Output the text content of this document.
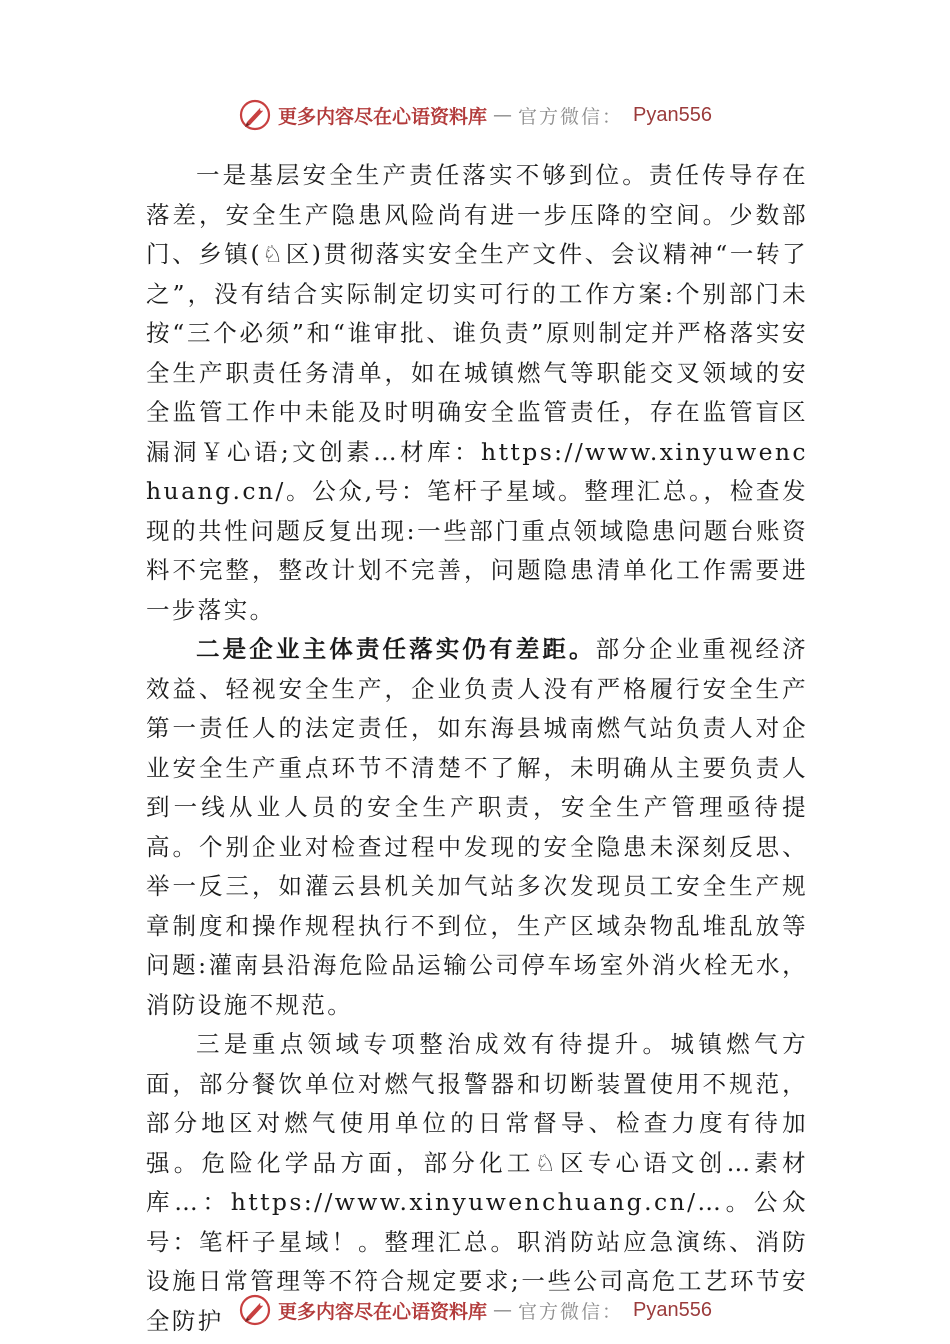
更多内容尽在心语资料库 — 官方微信： Pyan556

一是基层安全生产责任落实不够到位。责任传导存在落差，安全生产隐患风险尚有进一步压降的空间。少数部门、乡镇(♘区)贯彻落实安全生产文件、会议精神“一转了之”，没有结合实际制定切实可行的工作方案:个别部门未按“三个必须”和“谁审批、谁负责”原则制定并严格落实安全生产职责任务清单，如在城镇燃气等职能交叉领域的安全监管工作中未能及时明确安全监管责任，存在监管盲区漏洞￥心语;文创素…材库：https://www.xinyuwenchuang.cn/。公众,号：笔杆子星域。整理汇总。，检查发现的共性问题反复出现:一些部门重点领域隐患问题台账资料不完整，整改计划不完善，问题隐患清单化工作需要进一步落实。

二是企业主体责任落实仍有差距。部分企业重视经济效益、轻视安全生产，企业负责人没有严格履行安全生产第一责任人的法定责任，如东海县城南燃气站负责人对企业安全生产重点环节不清楚不了解，未明确从主要负责人到一线从业人员的安全生产职责，安全生产管理亟待提高。个别企业对检查过程中发现的安全隐患未深刻反思、举一反三，如灌云县机关加气站多次发现员工安全生产规章制度和操作规程执行不到位，生产区域杂物乱堆乱放等问题:灌南县沿海危险品运输公司停车场室外消火栓无水，消防设施不规范。

三是重点领域专项整治成效有待提升。城镇燃气方面，部分餐饮单位对燃气报警器和切断装置使用不规范，部分地区对燃气使用单位的日常督导、检查力度有待加强。危险化学品方面，部分化工♘区专心语文创…素材库…：https://www.xinyuwenchuang.cn/…。公众号：笔杆子星域！。整理汇总。职消防站应急演练、消防设施日常管理等不符合规定要求;一些公司高危工艺环节安全防护	更多内容尽在心语资料库 — 官方微信： Pyan556
